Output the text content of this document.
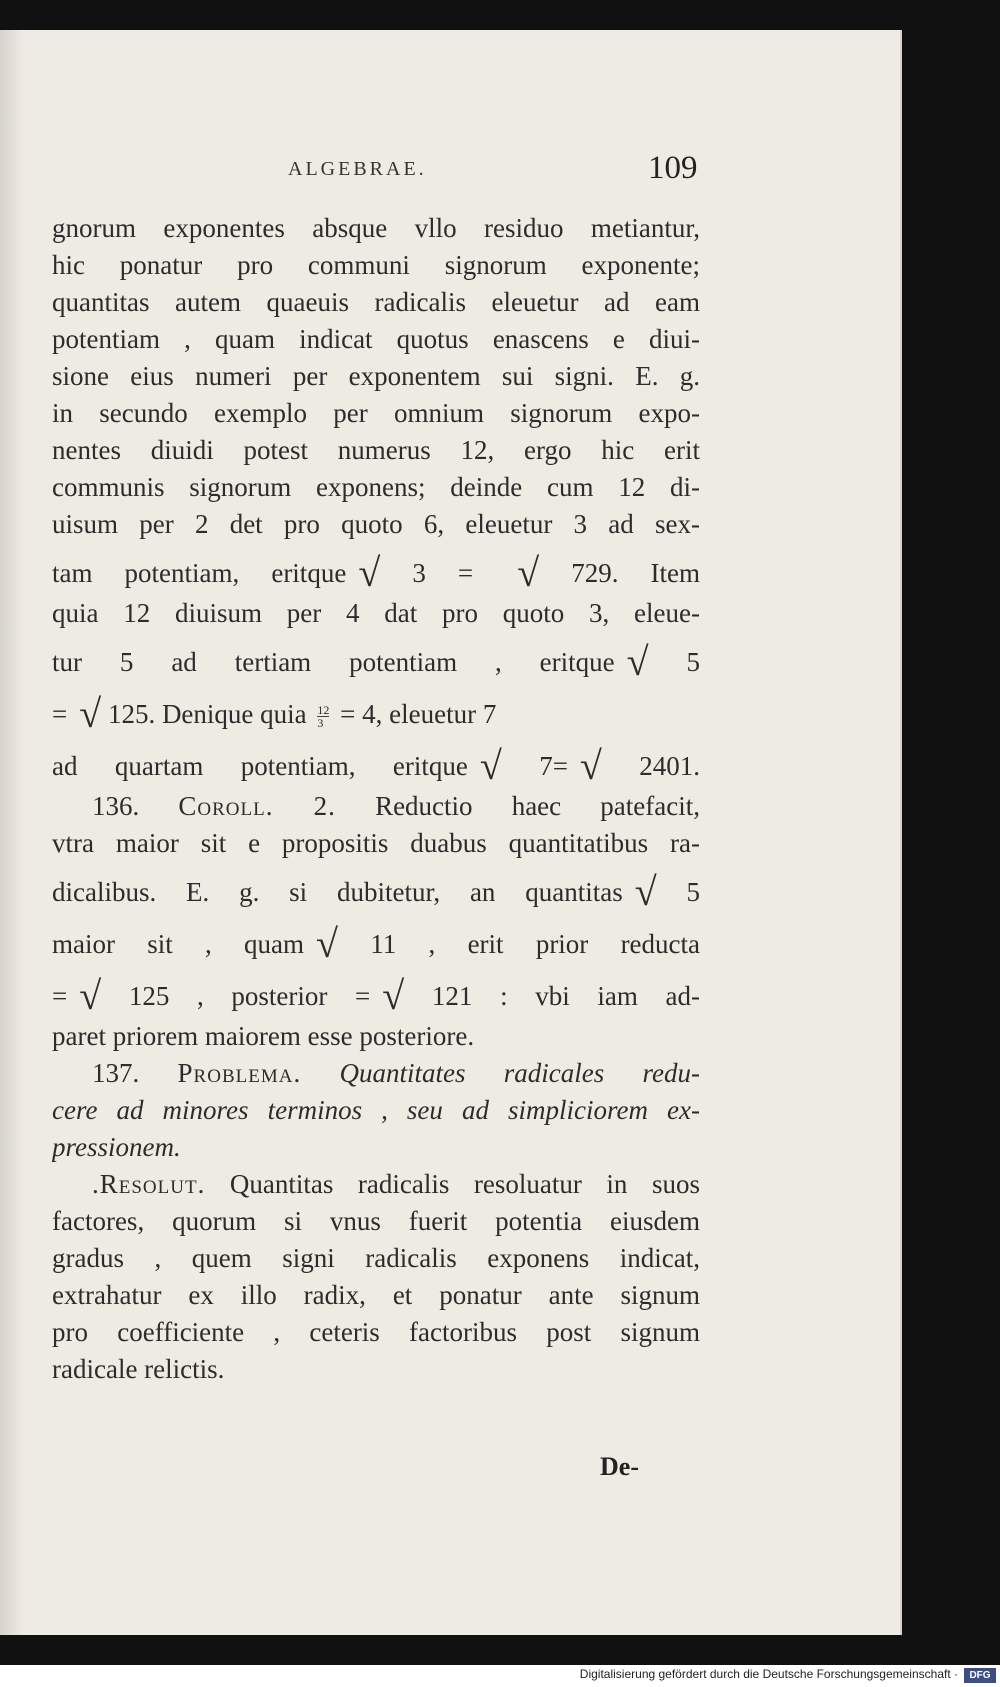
ALGEBRAE.	109
gnorum exponentes absque vllo residuo metiantur,
hic ponatur pro communi signorum exponente;
quantitas autem quaeuis radicalis eleuetur ad eam
potentiam , quam indicat quotus enascens e diui-
sione eius numeri per exponentem sui signi. E. g.
in secundo exemplo per omnium signorum expo-
nentes diuidi potest numerus 12, ergo hic erit
communis signorum exponens; deinde cum 12 di-
uisum per 2 det pro quoto 6, eleuetur 3 ad sex-
tam potentiam, eritque √ 3 = √ 729. Item
quia 12 diuisum per 4 dat pro quoto 3, eleue-
tur 5 ad tertiam potentiam , eritque √ 5
= √ 125. Denique quia $\frac{12}{3} = 4$, eleuetur 7
ad quartam potentiam, eritque √ 7= √ 2401.
136. Coroll. 2. Reductio haec patefacit,
vtra maior sit e propositis duabus quantitatibus ra-
dicalibus. E. g. si dubitetur, an quantitas √ 5
maior sit , quam √ 11 , erit prior reducta
= √ 125 , posterior = √ 121 : vbi iam ad-
paret priorem maiorem esse posteriore.
137. Problema. Quantitates radicales redu-
cere ad minores terminos , seu ad simpliciorem ex-
pressionem.
.Resolut. Quantitas radicalis resoluatur in suos
factores, quorum si vnus fuerit potentia eiusdem
gradus , quem signi radicalis exponens indicat,
extrahatur ex illo radix, et ponatur ante signum
pro coefficiente , ceteris factoribus post signum
radicale relictis.
De-
Digitalisierung gefördert durch die Deutsche Forschungsgemeinschaft ·	DFG
